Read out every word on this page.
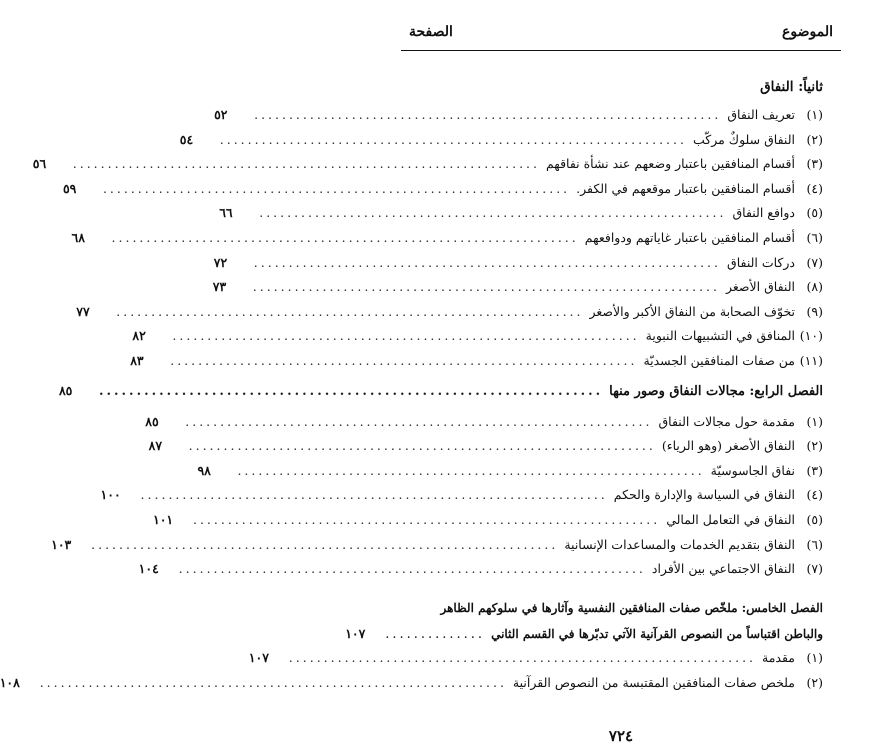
الموضوع
الصفحة
ثانياً: النفاق
(١)
تعريف النفاق
...................................................................
٥٢
(٢)
النفاق سلوكٌ مركّب
...................................................................
٥٤
(٣)
أقسام المنافقين باعتبار وضعهم عند نشأة نفاقهم
...................................................................
٥٦
(٤)
أقسام المنافقين باعتبار موقعهم في الكفر.
...................................................................
٥٩
(٥)
دوافع النفاق
...................................................................
٦٦
(٦)
أقسام المنافقين باعتبار غاياتهم ودوافعهم
...................................................................
٦٨
(٧)
دركات النفاق
...................................................................
٧٢
(٨)
النفاق الأصغر
...................................................................
٧٣
(٩)
تخوّف الصحابة من النفاق الأكبر والأصغر
...................................................................
٧٧
(١٠)
المنافق في التشبيهات النبوية
...................................................................
٨٢
(١١)
من صفات المنافقين الجسديّة
...................................................................
٨٣
الفصل الرابع: مجالات النفاق وصور منها
...................................................................
٨٥
(١)
مقدمة حول مجالات النفاق
...................................................................
٨٥
(٢)
النفاق الأصغر (وهو الرياء)
...................................................................
٨٧
(٣)
نفاق الجاسوسيّة
...................................................................
٩٨
(٤)
النفاق في السياسة والإدارة والحكم
...................................................................
١٠٠
(٥)
النفاق في التعامل المالي
...................................................................
١٠١
(٦)
النفاق بتقديم الخدمات والمساعدات الإنسانية
...................................................................
١٠٣
(٧)
النفاق الاجتماعي بين الأفراد
...................................................................
١٠٤
الفصل الخامس: ملخّص صفات المنافقين النفسية وآثارها في سلوكهم الظاهر
والباطن اقتباساً من النصوص القرآنية الآتي تدبّرها في القسم الثاني
..............
١٠٧
(١)
مقدمة
...................................................................
١٠٧
(٢)
ملخص صفات المنافقين المقتبسة من النصوص القرآنية
...................................................................
١٠٨
٧٢٤
